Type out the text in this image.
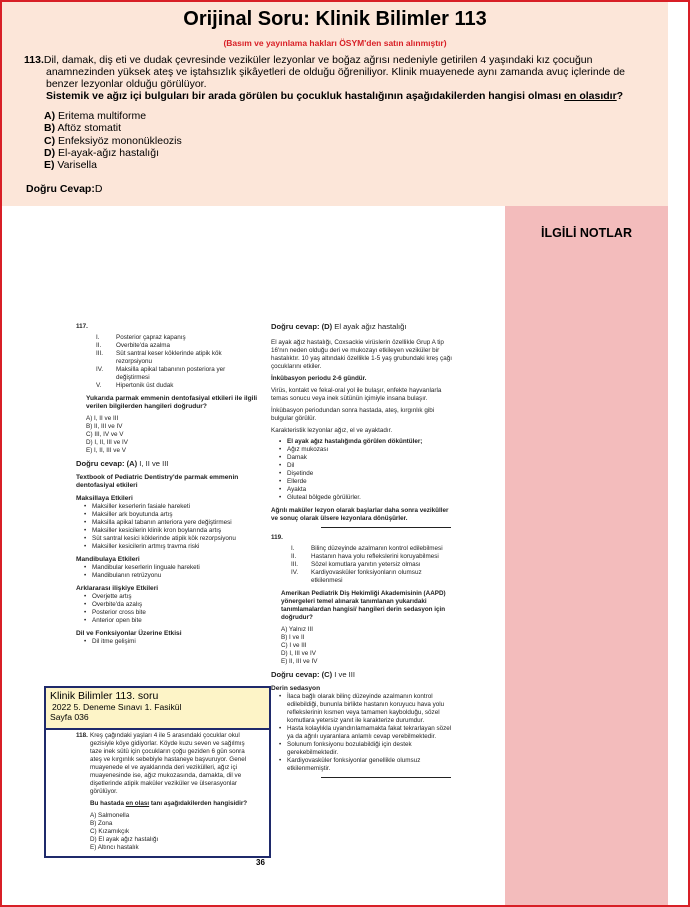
Orijinal Soru: Klinik Bilimler 113
(Basım ve yayınlama hakları ÖSYM'den satın alınmıştır)
113.Dil, damak, diş eti ve dudak çevresinde veziküler lezyonlar ve boğaz ağrısı nedeniyle getirilen 4 yaşındaki kız çocuğun
anamnezinden yüksek ateş ve iştahsızlık şikâyetleri de olduğu öğreniliyor. Klinik muayenede aynı zamanda avuç içlerinde de
benzer lezyonlar olduğu görülüyor.
Sistemik ve ağız içi bulguları bir arada görülen bu çocukluk hastalığının aşağıdakilerden hangisi olması en olasıdır?
A) Eritema multiforme
B) Aftöz stomatit
C) Enfeksiyöz mononükleozis
D) El-ayak-ağız hastalığı
E) Varisella
Doğru Cevap:D
İLGİLİ NOTLAR
117.
I.	Posterior çapraz kapanış
II.	Overbite'da azalma
III.	Süt santral keser köklerinde atipik kök rezorpsiyonu
IV.	Maksilla apikal tabanının posteriora yer değiştirmesi
V.	Hipertonik üst dudak
Yukarıda parmak emmenin dentofasiyal etkileri ile ilgili verilen bilgilerden hangileri doğrudur?
A) I, II ve III
B) II, III ve IV
C) III, IV ve V
D) I, II, III ve IV
E) I, II, III ve V
Doğru cevap: (A) I, II ve III
Textbook of Pediatric Dentistry'de parmak emmenin dentofasiyal etkileri
Maksillaya Etkileri
• Maksiller keserlerin fasiale hareketi
• Maksiller ark boyutunda artış
• Maksilla apikal tabanın anteriora yere değiştirmesi
• Maksiller kesicilerin klinik kron boylarında artış
• Süt santral kesici köklerinde atipik kök rezorpsiyonu
• Maksiller kesicilerin artmış travma riski
Mandibulaya Etkileri
• Mandibular keserlerin linguale hareketi
• Mandibulanın retrüzyonu
Arklararası ilişkiye Etkileri
• Overjette artış
• Overbite'da azalış
• Posterior cross bite
• Anterior open bite
Dil ve Fonksiyonlar Üzerine Etkisi
• Dil itme gelişimi
118. Kreş çağındaki yaşları 4 ile 5 arasındaki çocuklar okul gezisiyle köye gidiyorlar. Köyde kuzu seven ve sağılmış taze inek sütü için çocukların çoğu geziden 6 gün sonra ateş ve kırgınlık sebebiyle hastaneye başvuruyor. Genel muayenede el ve ayaklarında deri vezikülleri, ağız içi muayenesinde ise, ağız mukozasında, damakta, dil ve dişetlerinde atipik maküler veziküler ve ülserasyonlar görülüyor.
Bu hastada en olası tanı aşağıdakilerden hangisidir?
A) Salmonella
B) Zona
C) Kızamıkçık
D) El ayak ağız hastalığı
E) Altıncı hastalık
Doğru cevap: (D) El ayak ağız hastalığı
El ayak ağız hastalığı, Coxsackie virüslerin özellikle Grup A tip 16'nın neden olduğu deri ve mukozayı etkileyen veziküler bir hastalıktır. 10 yaş altındaki özellikle 1-5 yaş grubundaki kreş çağı çocuklarını etkiler.
İnkübasyon periodu 2-6 gündür.
Virüs, kontakt ve fekal-oral yol ile bulaşır, enfekte hayvanlarla temas sonucu veya inek sütünün içimiyle insana bulaşır.
İnkübasyon periodundan sonra hastada, ateş, kırgınlık gibi bulgular görülür.
Karakteristik lezyonlar ağız, el ve ayaktadır.
• El ayak ağız hastalığında görülen döküntüler;
• Ağız mukozası
• Damak
• Dil
• Dişetinde
• Ellerde
• Ayakta
• Gluteal bölgede görülürler.
Ağrılı maküler lezyon olarak başlarlar daha sonra veziküller ve sonuç olarak ülsere lezyonlara dönüşürler.
119.
I.	Bilinç düzeyinde azalmanın kontrol edilebilmesi
II.	Hastanın hava yolu reflekslerini koruyabilmesi
III.	Sözel komutlara yanıtın yetersiz olması
IV.	Kardiyovasküler fonksiyonların olumsuz etkilenmesi
Amerikan Pediatrik Diş Hekimliği Akademisinin (AAPD) yönergeleri temel alınarak tanımlanan yukarıdaki tanımlamalardan hangisi/ hangileri derin sedasyon için doğrudur?
A) Yalnız III
B) I ve II
C) I ve III
D) I, III ve IV
E) II, III ve IV
Doğru cevap: (C) I ve III
Derin sedasyon
• İlaca bağlı olarak bilinç düzeyinde azalmanın kontrol edilebildiği, bununla birlikte hastanın koruyucu hava yolu reflekslerinin kısmen veya tamamen kaybolduğu, sözel komutlara yetersiz yanıt ile karakterize durumdur.
• Hasta kolaylıkla uyandırılamamakta fakat tekrarlayan sözel ya da ağrılı uyaranlara anlamlı cevap verebilmektedir.
• Solunum fonksiyonu bozulabildiği için destek gerekebilmektedir.
• Kardiyovasküler fonksiyonlar genellikle olumsuz etkilenmemiştir.
Klinik Bilimler 113. soru
2022 5. Deneme Sınavı 1. Fasikül
Sayfa 036
36
